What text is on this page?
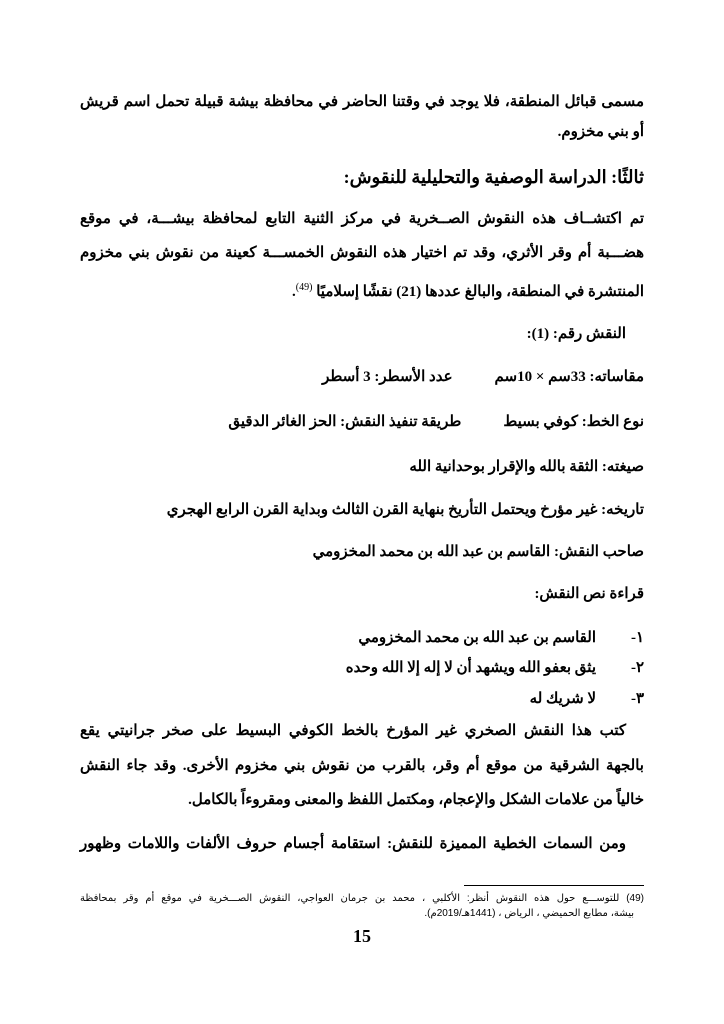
مسمى قبائل المنطقة، فلا يوجد في وقتنا الحاضر في محافظة بيشة قبيلة تحمل اسم قريش
أو بني مخزوم.
ثالثًا: الدراسة الوصفية والتحليلية للنقوش:
تم اكتشــاف هذه النقوش الصــخرية في مركز الثنية التابع لمحافظة بيشـــة، في موقع
هضـــبة أم وقر الأثري، وقد تم اختيار هذه النقوش الخمســـة كعينة من نقوش بني مخزوم
المنتشرة في المنطقة، والبالغ عددها (21) نقشًا إسلاميًا $^{(49)}$.
النقش رقم: (1):
مقاساته: 33سم × 10سمعدد الأسطر: 3 أسطر
نوع الخط: كوفي بسيططريقة تنفيذ النقش: الحز الغائر الدقيق
صيغته: الثقة بالله والإقرار بوحدانية الله
تاريخه: غير مؤرخ ويحتمل التأريخ بنهاية القرن الثالث وبداية القرن الرابع الهجري
صاحب النقش: القاسم بن عبد الله بن محمد المخزومي
قراءة نص النقش:
١-القاسم بن عبد الله بن محمد المخزومي
٢-يثق بعفو الله ويشهد أن لا إله إلا الله وحده
٣-لا شريك له
كتب هذا النقش الصخري غير المؤرخ بالخط الكوفي البسيط على صخر جرانيتي يقع
بالجهة الشرقية من موقع أم وقر، بالقرب من نقوش بني مخزوم الأخرى. وقد جاء النقش
خالياً من علامات الشكل والإعجام، ومكتمل اللفظ والمعنى ومقروءاً بالكامل.
ومن السمات الخطية المميزة للنقش: استقامة أجسام حروف الألفات واللامات وظهور
(49) للتوســـع حول هذه النقوش أنظر: الأكلبي ، محمد بن جرمان العواجي، النقوش الصـــخرية في موقع أم وقر بمحافظة
بيشة، مطابع الحميضي ، الرياض ، (1441هـ/2019م).
15
